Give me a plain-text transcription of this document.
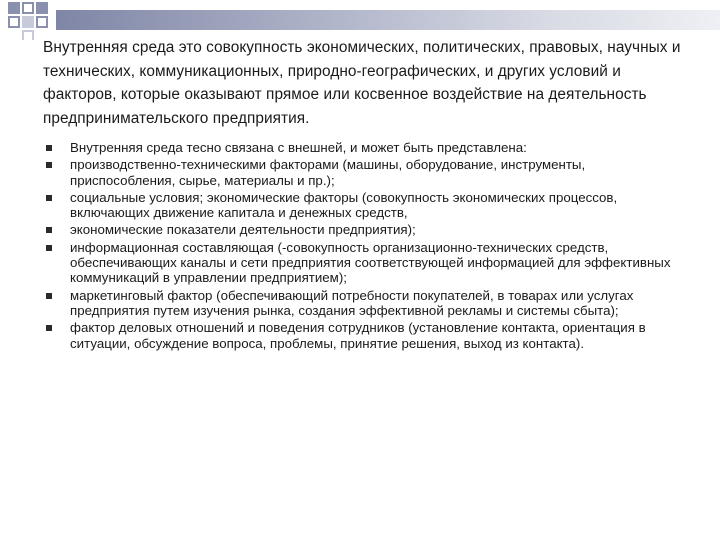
Внутренняя среда это совокупность экономических, политических, правовых, научных и технических, коммуникационных, природно-географических, и других условий и факторов, которые оказывают прямое или косвенное воздействие на деятельность предпринимательского предприятия.

Внутренняя среда тесно связана с внешней, и может быть представлена:
производственно-техническими факторами (машины, оборудование, инструменты, приспособления, сырье, материалы и пр.);
социальные условия; экономические факторы (совокупность экономических процессов, включающих движение капитала и денежных средств,
экономические показатели деятельности предприятия);
информационная составляющая (-совокупность организационно-технических средств, обеспечивающих каналы и сети предприятия соответствующей информацией для эффективных коммуникаций в управлении предприятием);
маркетинговый фактор (обеспечивающий потребности покупателей, в товарах или услугах предприятия путем изучения рынка, создания эффективной рекламы и системы сбыта);
фактор деловых отношений и поведения сотрудников (установление контакта, ориентация в ситуации, обсуждение вопроса, проблемы, принятие решения, выход из контакта).
